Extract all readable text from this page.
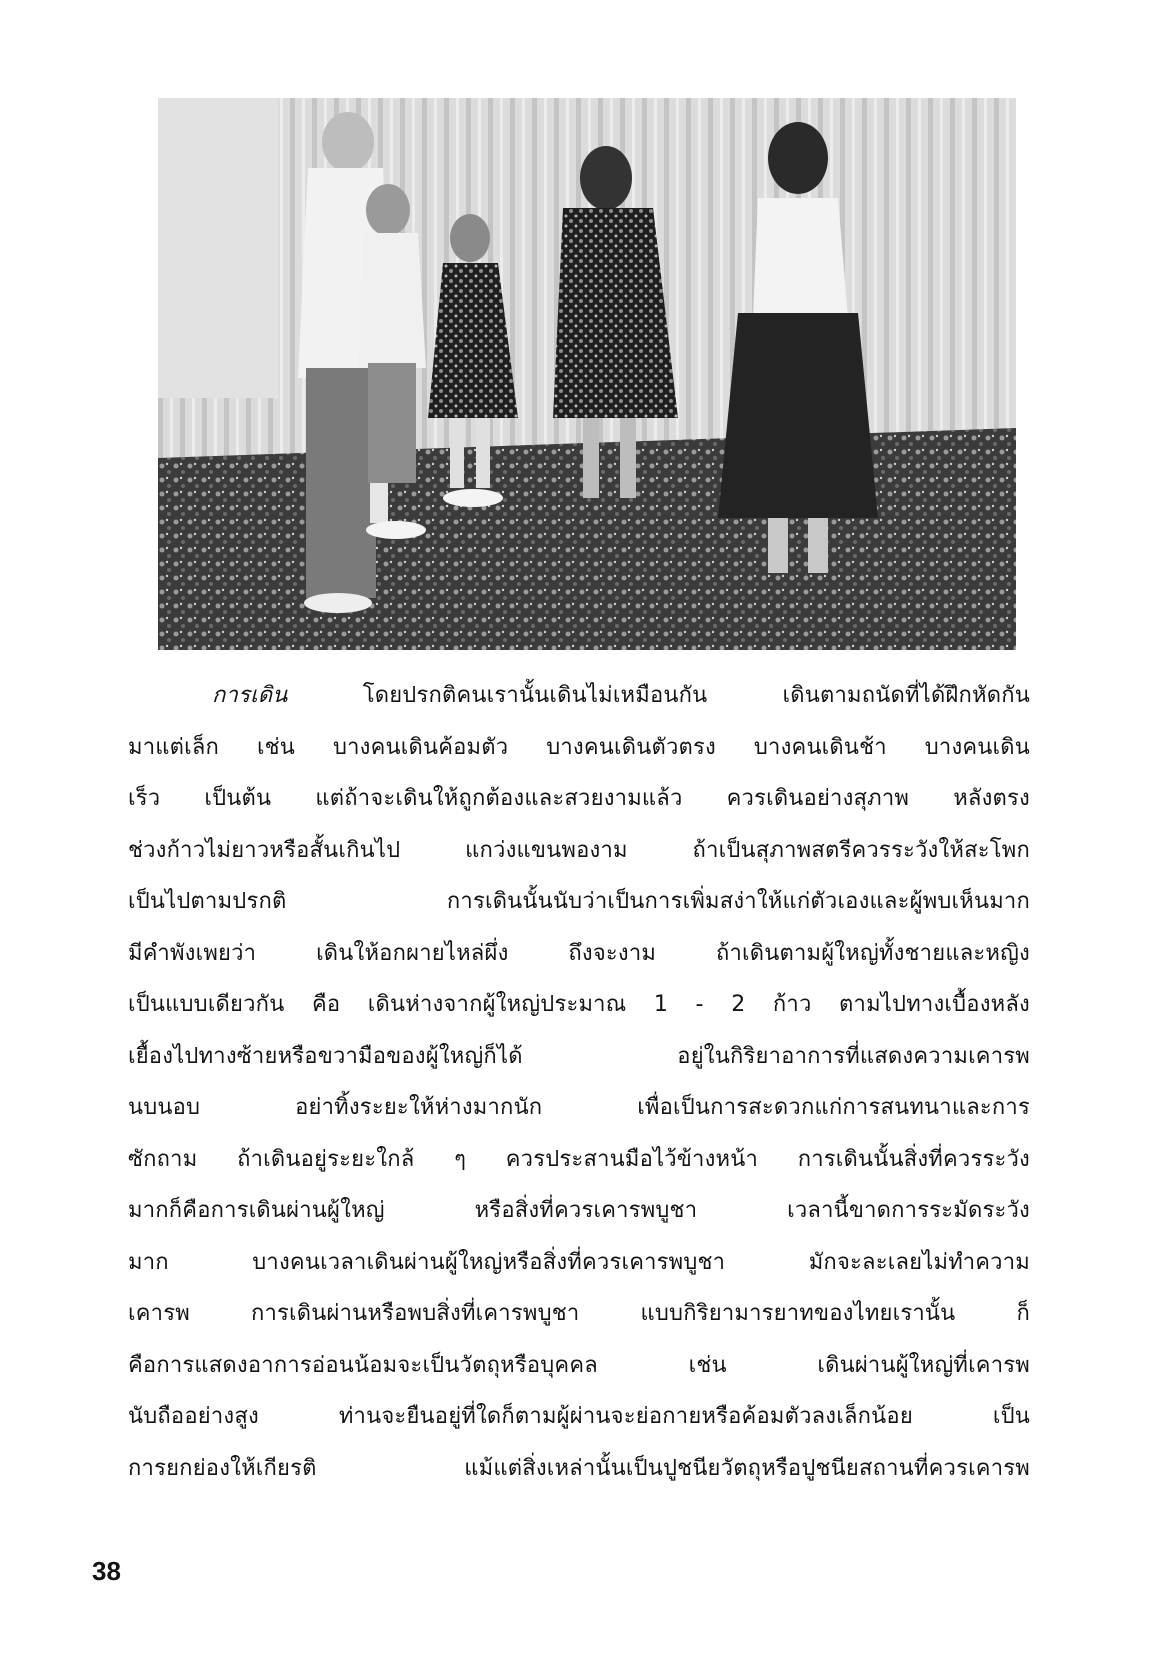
การเดิน โดยปรกติคนเรานั้นเดินไม่เหมือนกัน เดินตามถนัดที่ได้ฝึกหัดกัน
มาแต่เล็ก เช่น บางคนเดินค้อมตัว บางคนเดินตัวตรง บางคนเดินช้า บางคนเดิน
เร็ว เป็นต้น แต่ถ้าจะเดินให้ถูกต้องและสวยงามแล้ว ควรเดินอย่างสุภาพ หลังตรง
ช่วงก้าวไม่ยาวหรือสั้นเกินไป แกว่งแขนพองาม ถ้าเป็นสุภาพสตรีควรระวังให้สะโพก
เป็นไปตามปรกติ การเดินนั้นนับว่าเป็นการเพิ่มสง่าให้แก่ตัวเองและผู้พบเห็นมาก
มีคำพังเพยว่า เดินให้อกผายไหล่ผึ่ง ถึงจะงาม ถ้าเดินตามผู้ใหญ่ทั้งชายและหญิง
เป็นแบบเดียวกัน คือ เดินห่างจากผู้ใหญ่ประมาณ 1 - 2 ก้าว ตามไปทางเบื้องหลัง
เยื้องไปทางซ้ายหรือขวามือของผู้ใหญ่ก็ได้ อยู่ในกิริยาอาการที่แสดงความเคารพ
นบนอบ อย่าทิ้งระยะให้ห่างมากนัก เพื่อเป็นการสะดวกแก่การสนทนาและการ
ซักถาม ถ้าเดินอยู่ระยะใกล้ ๆ ควรประสานมือไว้ข้างหน้า การเดินนั้นสิ่งที่ควรระวัง
มากก็คือการเดินผ่านผู้ใหญ่ หรือสิ่งที่ควรเคารพบูชา เวลานี้ขาดการระมัดระวัง
มาก บางคนเวลาเดินผ่านผู้ใหญ่หรือสิ่งที่ควรเคารพบูชา มักจะละเลยไม่ทำความ
เคารพ การเดินผ่านหรือพบสิ่งที่เคารพบูชา แบบกิริยามารยาทของไทยเรานั้น ก็
คือการแสดงอาการอ่อนน้อมจะเป็นวัตถุหรือบุคคล เช่น เดินผ่านผู้ใหญ่ที่เคารพ
นับถืออย่างสูง ท่านจะยืนอยู่ที่ใดก็ตามผู้ผ่านจะย่อกายหรือค้อมตัวลงเล็กน้อย เป็น
การยกย่องให้เกียรติ แม้แต่สิ่งเหล่านั้นเป็นปูชนียวัตถุหรือปูชนียสถานที่ควรเคารพ
38
